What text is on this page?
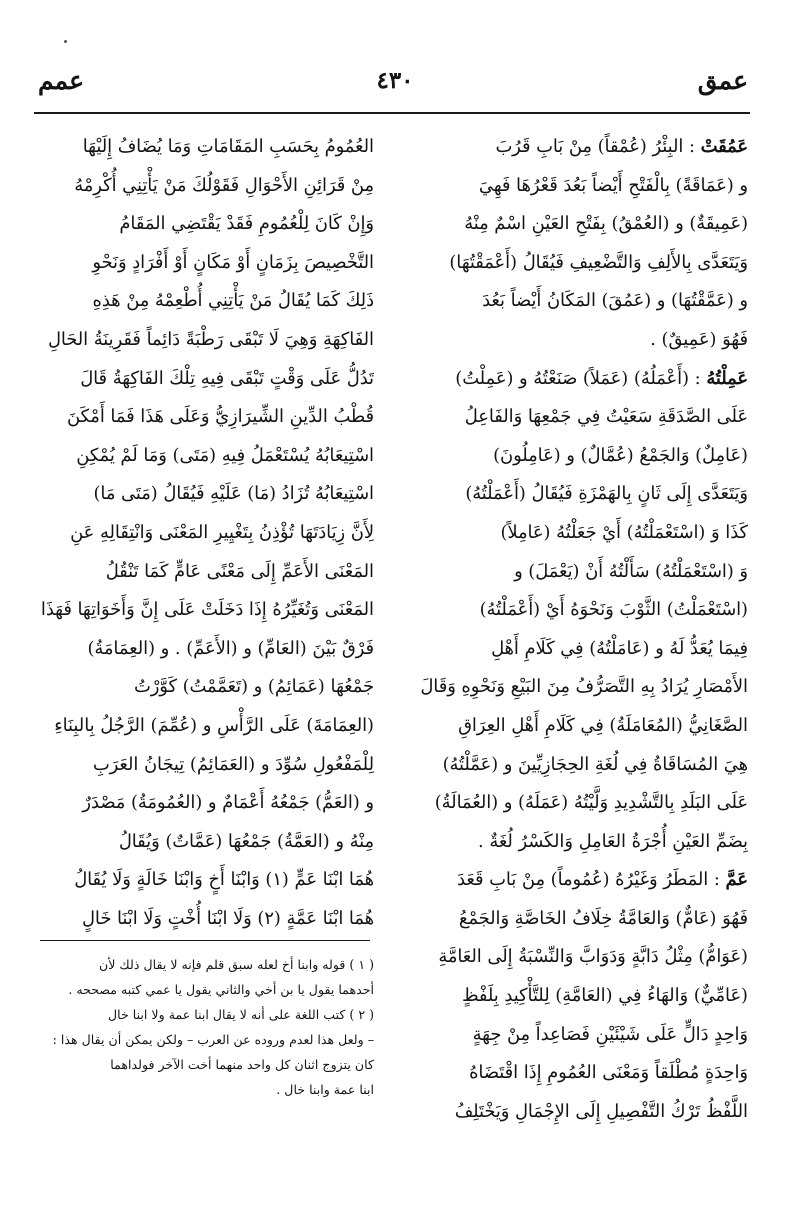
عمق
٤٣٠
عمم
عَمُقَتْ : البِئْرُ (عُمْقاً) مِنْ بَابِ قَرُبَ
و (عَمَاقَةً) بِالْفَتْحِ أَيْضاً بَعُدَ قَعْرُهَا فَهِيَ
(عَمِيقَةٌ) و (العُمْقُ) بِفَتْحِ العَيْنِ اسْمٌ مِنْهُ
وَيَتَعَدَّى بِالأَلِفِ وَالتَّضْعِيفِ فَيُقَالُ (أَعْمَقْتُهَا)
و (عَمَّقْتُهَا) و (عَمُقَ) المَكَانُ أَيْضاً بَعُدَ
فَهُوَ (عَمِيقٌ) .
عَمِلْتُهُ : (أَعْمَلُهُ) (عَمَلاً) صَنَعْتُهُ و (عَمِلْتُ)
عَلَى الصَّدَقَةِ سَعَيْتُ فِي جَمْعِهَا وَالفَاعِلُ
(عَامِلٌ) وَالجَمْعُ (عُمَّالٌ) و (عَامِلُونَ)
وَيَتَعَدَّى إِلَى ثَانٍ بِالهَمْزَةِ فَيُقَالُ (أَعْمَلْتُهُ)
كَذَا وَ (اسْتَعْمَلْتُهُ) أَيْ جَعَلْتُهُ (عَامِلاً)
وَ (اسْتَعْمَلْتُهُ) سَأَلْتُهُ أَنْ (يَعْمَلَ) و
(اسْتَعْمَلْتُ) الثَّوْبَ وَنَحْوَهُ أَيْ (أَعْمَلْتُهُ)
فِيمَا يُعَدُّ لَهُ و (عَامَلْتُهُ) فِي كَلَامِ أَهْلِ
الأَمْصَارِ يُرَادُ بِهِ التَّصَرُّفُ مِنَ البَيْعِ وَنَحْوِهِ وَقَالَ
الصَّغَانِيُّ (المُعَامَلَةُ) فِي كَلَامِ أَهْلِ العِرَاقِ
هِيَ المُسَاقَاةُ فِي لُغَةِ الحِجَازِيِّينَ و (عَمَّلْتُهُ)
عَلَى البَلَدِ بِالتَّشْدِيدِ وَلَّيْتُهُ (عَمَلَهُ) و (العُمَالَةُ)
بِضَمِّ العَيْنِ أُجْرَةُ العَامِلِ وَالكَسْرُ لُغَةٌ .
عَمَّ : المَطَرُ وَغَيْرُهُ (عُمُوماً) مِنْ بَابِ قَعَدَ
فَهُوَ (عَامٌّ) وَالعَامَّةُ خِلَافُ الخَاصَّةِ وَالجَمْعُ
(عَوَامُّ) مِثْلُ دَابَّةٍ وَدَوَابَّ وَالنِّسْبَةُ إِلَى العَامَّةِ
(عَامِّيٌّ) وَالهَاءُ فِي (العَامَّةِ) لِلتَّأْكِيدِ بِلَفْظٍ
وَاحِدٍ دَالٍّ عَلَى شَيْئَيْنِ فَصَاعِداً مِنْ جِهَةٍ
وَاحِدَةٍ مُطْلَقاً وَمَعْنَى العُمُومِ إِذَا اقْتَضَاهُ
اللَّفْظُ تَرْكُ التَّفْصِيلِ إِلَى الإِجْمَالِ وَيَخْتَلِفُ
العُمُومُ بِحَسَبِ المَقَامَاتِ وَمَا يُضَافُ إِلَيْهَا
مِنْ قَرَائِنِ الأَحْوَالِ فَقَوْلُكَ مَنْ يَأْتِنِي أُكْرِمْهُ
وَإِنْ كَانَ لِلْعُمُومِ فَقَدْ يَقْتَضِي المَقَامُ
التَّخْصِيصَ بِزَمَانٍ أَوْ مَكَانٍ أَوْ أَفْرَادٍ وَنَحْوِ
ذَلِكَ كَمَا يُقَالُ مَنْ يَأْتِنِي أُطْعِمْهُ مِنْ هَذِهِ
الفَاكِهَةِ وَهِيَ لَا تَبْقَى رَطْبَةً دَائِماً فَقَرِينَةُ الحَالِ
تَدُلُّ عَلَى وَقْتٍ تَبْقَى فِيهِ تِلْكَ الفَاكِهَةُ قَالَ
قُطْبُ الدِّينِ الشِّيرَازِيُّ وَعَلَى هَذَا فَمَا أَمْكَنَ
اسْتِيعَابُهُ يُسْتَعْمَلُ فِيهِ (مَتَى) وَمَا لَمْ يُمْكِنِ
اسْتِيعَابُهُ تُزَادُ (مَا) عَلَيْهِ فَيُقَالُ (مَتَى مَا)
لِأَنَّ زِيَادَتَهَا تُؤْذِنُ بِتَغْيِيرِ المَعْنَى وَانْتِقَالِهِ عَنِ
المَعْنَى الأَعَمِّ إِلَى مَعْنًى عَامٍّ كَمَا تَنْقُلُ
المَعْنَى وَتُغَيِّرُهُ إِذَا دَخَلَتْ عَلَى إِنَّ وَأَخَوَاتِهَا فَهَذَا
فَرْقٌ بَيْنَ (العَامِّ) و (الأَعَمِّ) . و (العِمَامَةُ)
جَمْعُهَا (عَمَائِمُ) و (تَعَمَّمْتُ) كَوَّرْتُ
(العِمَامَةَ) عَلَى الرَّأْسِ و (عُمِّمَ) الرَّجُلُ بِالبِنَاءِ
لِلْمَفْعُولِ سُوِّدَ و (العَمَائِمُ) تِيجَانُ العَرَبِ
و (العَمُّ) جَمْعُهُ أَعْمَامٌ و (العُمُومَةُ) مَصْدَرٌ
مِنْهُ و (العَمَّةُ) جَمْعُهَا (عَمَّاتٌ) وَيُقَالُ
هُمَا ابْنَا عَمٍّ (١) وَابْنَا أَخٍ وَابْنَا خَالَةٍ وَلَا يُقَالُ
هُمَا ابْنَا عَمَّةٍ (٢) وَلَا ابْنَا أُخْتٍ وَلَا ابْنَا خَالٍ
( ١ ) قوله وابنا أخ لعله سبق قلم فإنه لا يقال ذلك لأن
أحدهما يقول يا بن أخي والثاني يقول يا عمي كتبه مصححه .
( ٢ ) كتب اللغة على أنه لا يقال ابنا عمة ولا ابنا خال
– ولعل هذا لعدم وروده عن العرب – ولكن يمكن أن يقال هذا :
كان يتزوج اثنان كل واحد منهما أخت الآخر فولداهما
ابنا عمة وابنا خال .
